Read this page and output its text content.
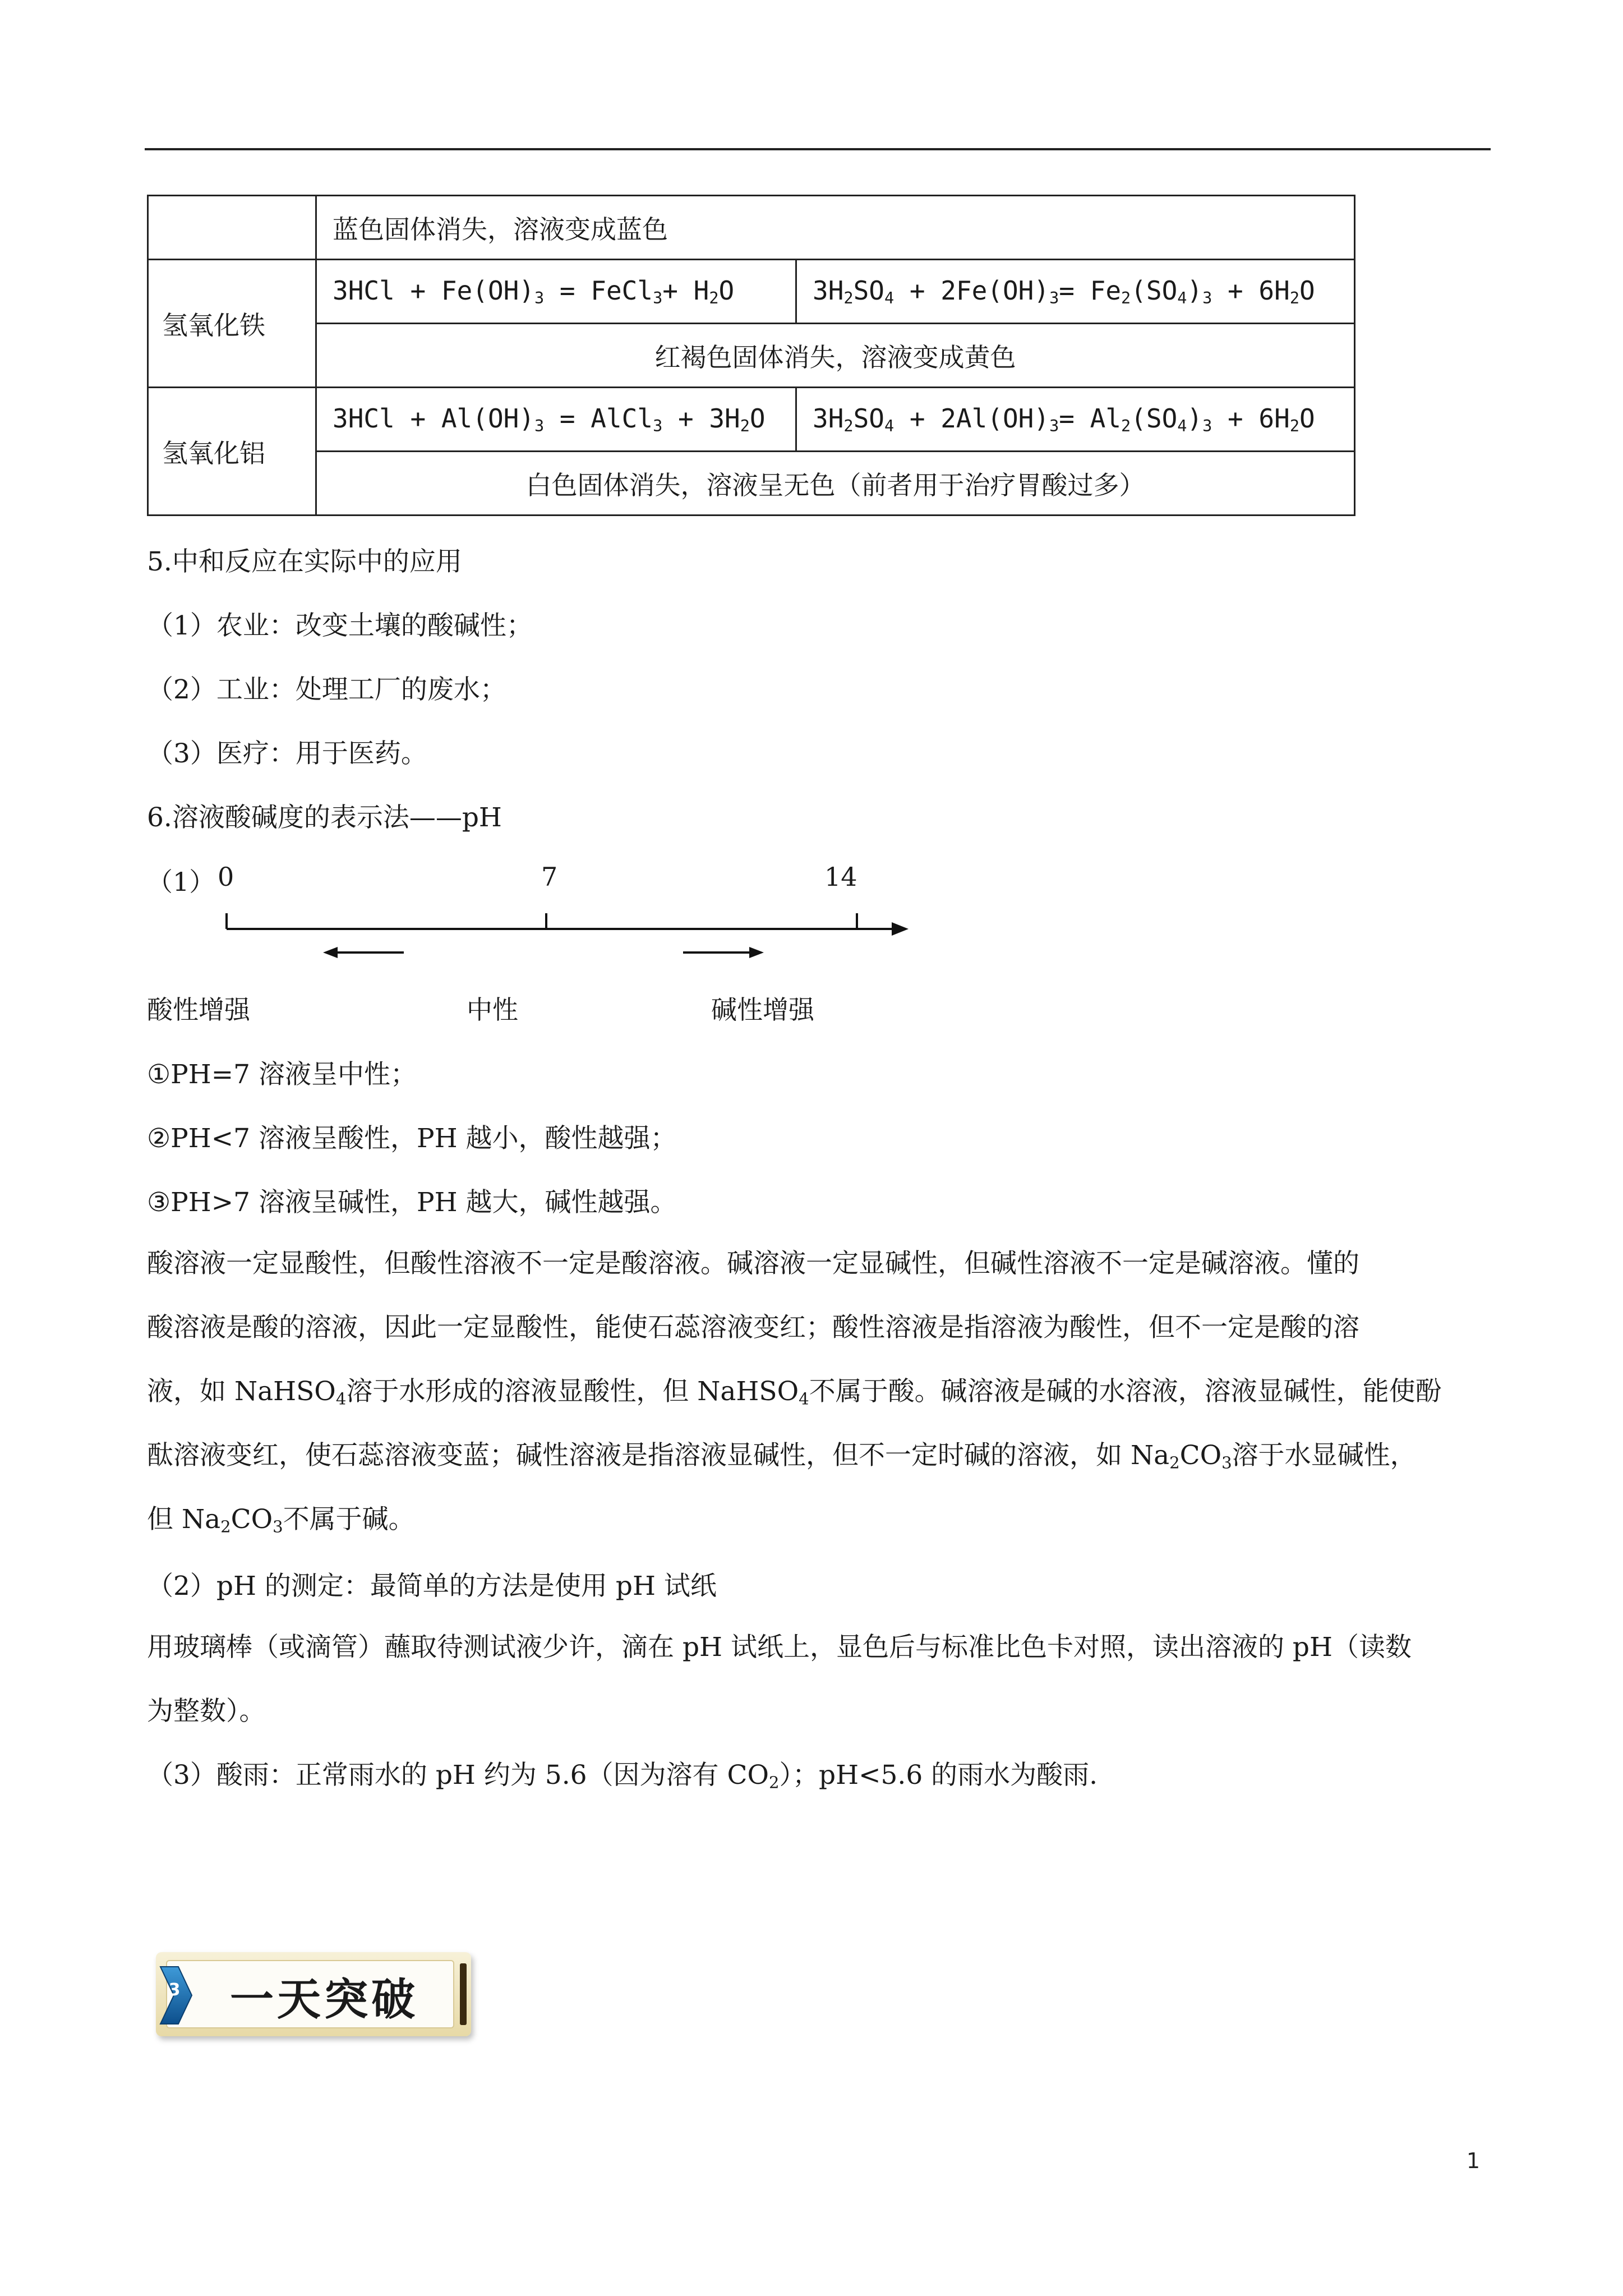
	蓝色固体消失，溶液变成蓝色	
氢氧化铁	$3HCl + Fe(OH)_3$ = FeCl$_3$+ $H_2O$	$3H_2SO_4 + 2Fe(OH)_3= Fe_2(SO_4)_3 + 6H_2O$
	红褐色固体消失，溶液变成黄色	
氢氧化铝	$3HCl + Al(OH)_3$ = AlCl$_3$ + $3H_2O$	$3H_2SO_4 + 2Al(OH)_3= Al_2(SO_4)_3 + 6H_2O$
	白色固体消失，溶液呈无色（前者用于治疗胃酸过多）	
5.中和反应在实际中的应用
（1）农业：改变土壤的酸碱性；
（2）工业：处理工厂的废水；
（3）医疗：用于医药。
6.溶液酸碱度的表示法——pH
（1） 0	7	14
酸性增强	中性	碱性增强
①PH=7 溶液呈中性；
②PH<7 溶液呈酸性，PH 越小，酸性越强；
③PH>7 溶液呈碱性，PH 越大，碱性越强。
酸溶液一定显酸性，但酸性溶液不一定是酸溶液。碱溶液一定显碱性，但碱性溶液不一定是碱溶液。懂的
酸溶液是酸的溶液，因此一定显酸性，能使石蕊溶液变红；酸性溶液是指溶液为酸性，但不一定是酸的溶
液，如 NaHSO$_4$溶于水形成的溶液显酸性，但 NaHSO$_4$不属于酸。碱溶液是碱的水溶液，溶液显碱性，能使酚
酞溶液变红，使石蕊溶液变蓝；碱性溶液是指溶液显碱性，但不一定时碱的溶液，如 $Na_2CO_3$溶于水显碱性，
但 $Na_2CO_3$不属于碱。
（2）pH 的测定：最简单的方法是使用 pH 试纸
用玻璃棒（或滴管）蘸取待测试液少许，滴在 pH 试纸上，显色后与标准比色卡对照，读出溶液的 pH（读数
为整数）。
（3）酸雨：正常雨水的 pH 约为 5.6（因为溶有 $CO_2$）；pH<5.6 的雨水为酸雨.
3 一天突破
1
